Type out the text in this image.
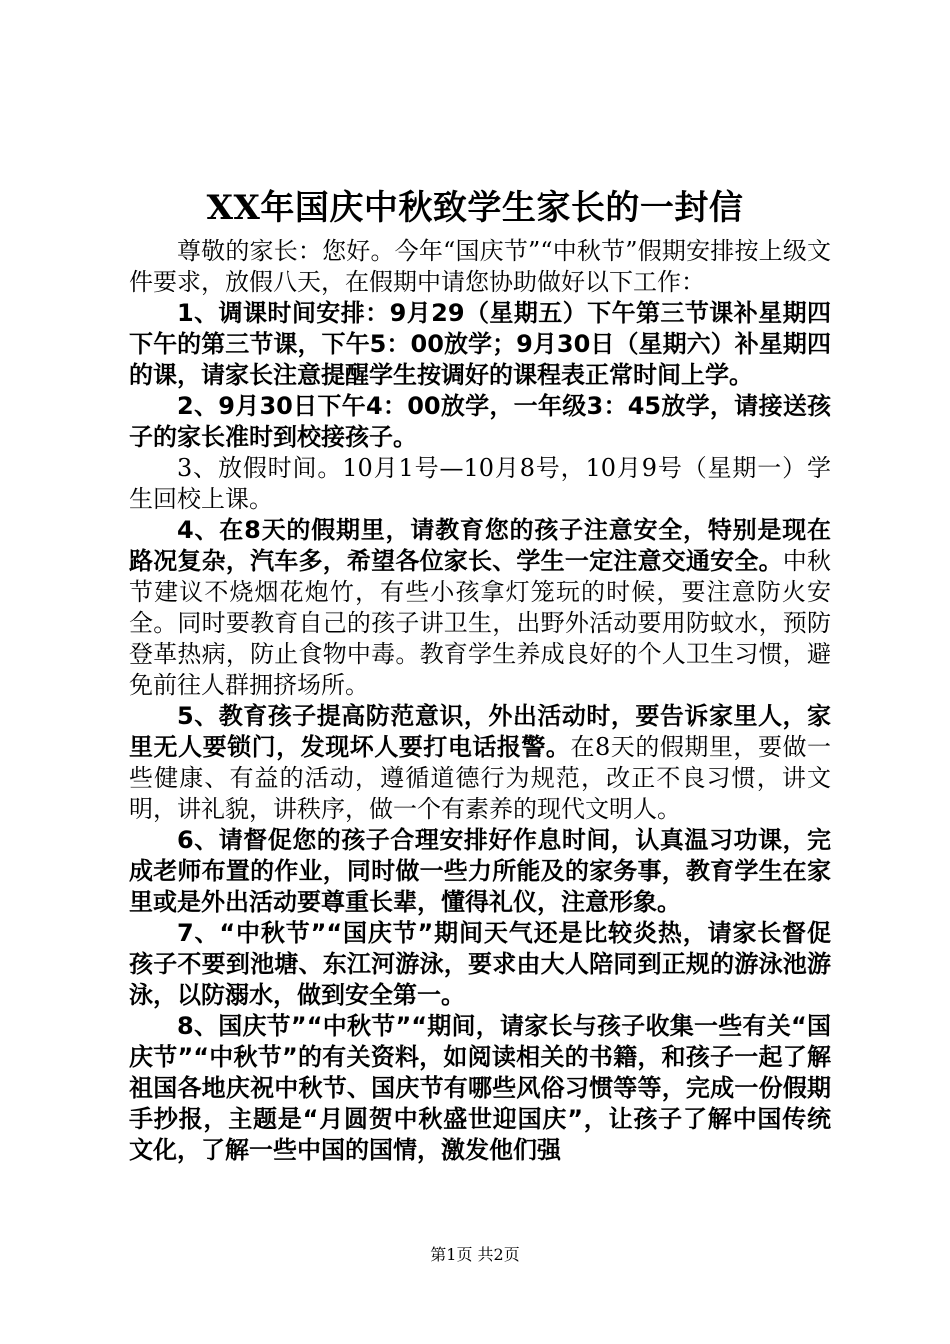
XX年国庆中秋致学生家长的一封信

尊敬的家长：您好。今年“国庆节”“中秋节”假期安排按上级文件要求，放假八天，在假期中请您协助做好以下工作：

1、调课时间安排：9月29（星期五）下午第三节课补星期四下午的第三节课，下午5：00放学；9月30日（星期六）补星期四的课，请家长注意提醒学生按调好的课程表正常时间上学。

2、9月30日下午4：00放学，一年级3：45放学，请接送孩子的家长准时到校接孩子。

3、放假时间。10月1号—10月8号，10月9号（星期一）学生回校上课。

4、在8天的假期里，请教育您的孩子注意安全，特别是现在路况复杂，汽车多，希望各位家长、学生一定注意交通安全。中秋节建议不烧烟花炮竹，有些小孩拿灯笼玩的时候，要注意防火安全。同时要教育自己的孩子讲卫生，出野外活动要用防蚊水，预防登革热病，防止食物中毒。教育学生养成良好的个人卫生习惯，避免前往人群拥挤场所。

5、教育孩子提高防范意识，外出活动时，要告诉家里人，家里无人要锁门，发现坏人要打电话报警。在8天的假期里，要做一些健康、有益的活动，遵循道德行为规范，改正不良习惯，讲文明，讲礼貌，讲秩序，做一个有素养的现代文明人。

6、请督促您的孩子合理安排好作息时间，认真温习功课，完成老师布置的作业，同时做一些力所能及的家务事，教育学生在家里或是外出活动要尊重长辈，懂得礼仪，注意形象。

7、“中秋节”“国庆节”期间天气还是比较炎热，请家长督促孩子不要到池塘、东江河游泳，要求由大人陪同到正规的游泳池游泳，以防溺水，做到安全第一。

8、国庆节”“中秋节”“期间，请家长与孩子收集一些有关“国庆节”“中秋节”的有关资料，如阅读相关的书籍，和孩子一起了解祖国各地庆祝中秋节、国庆节有哪些风俗习惯等等，完成一份假期手抄报，主题是“月圆贺中秋盛世迎国庆”，让孩子了解中国传统文化，了解一些中国的国情，激发他们强

第1页 共2页
